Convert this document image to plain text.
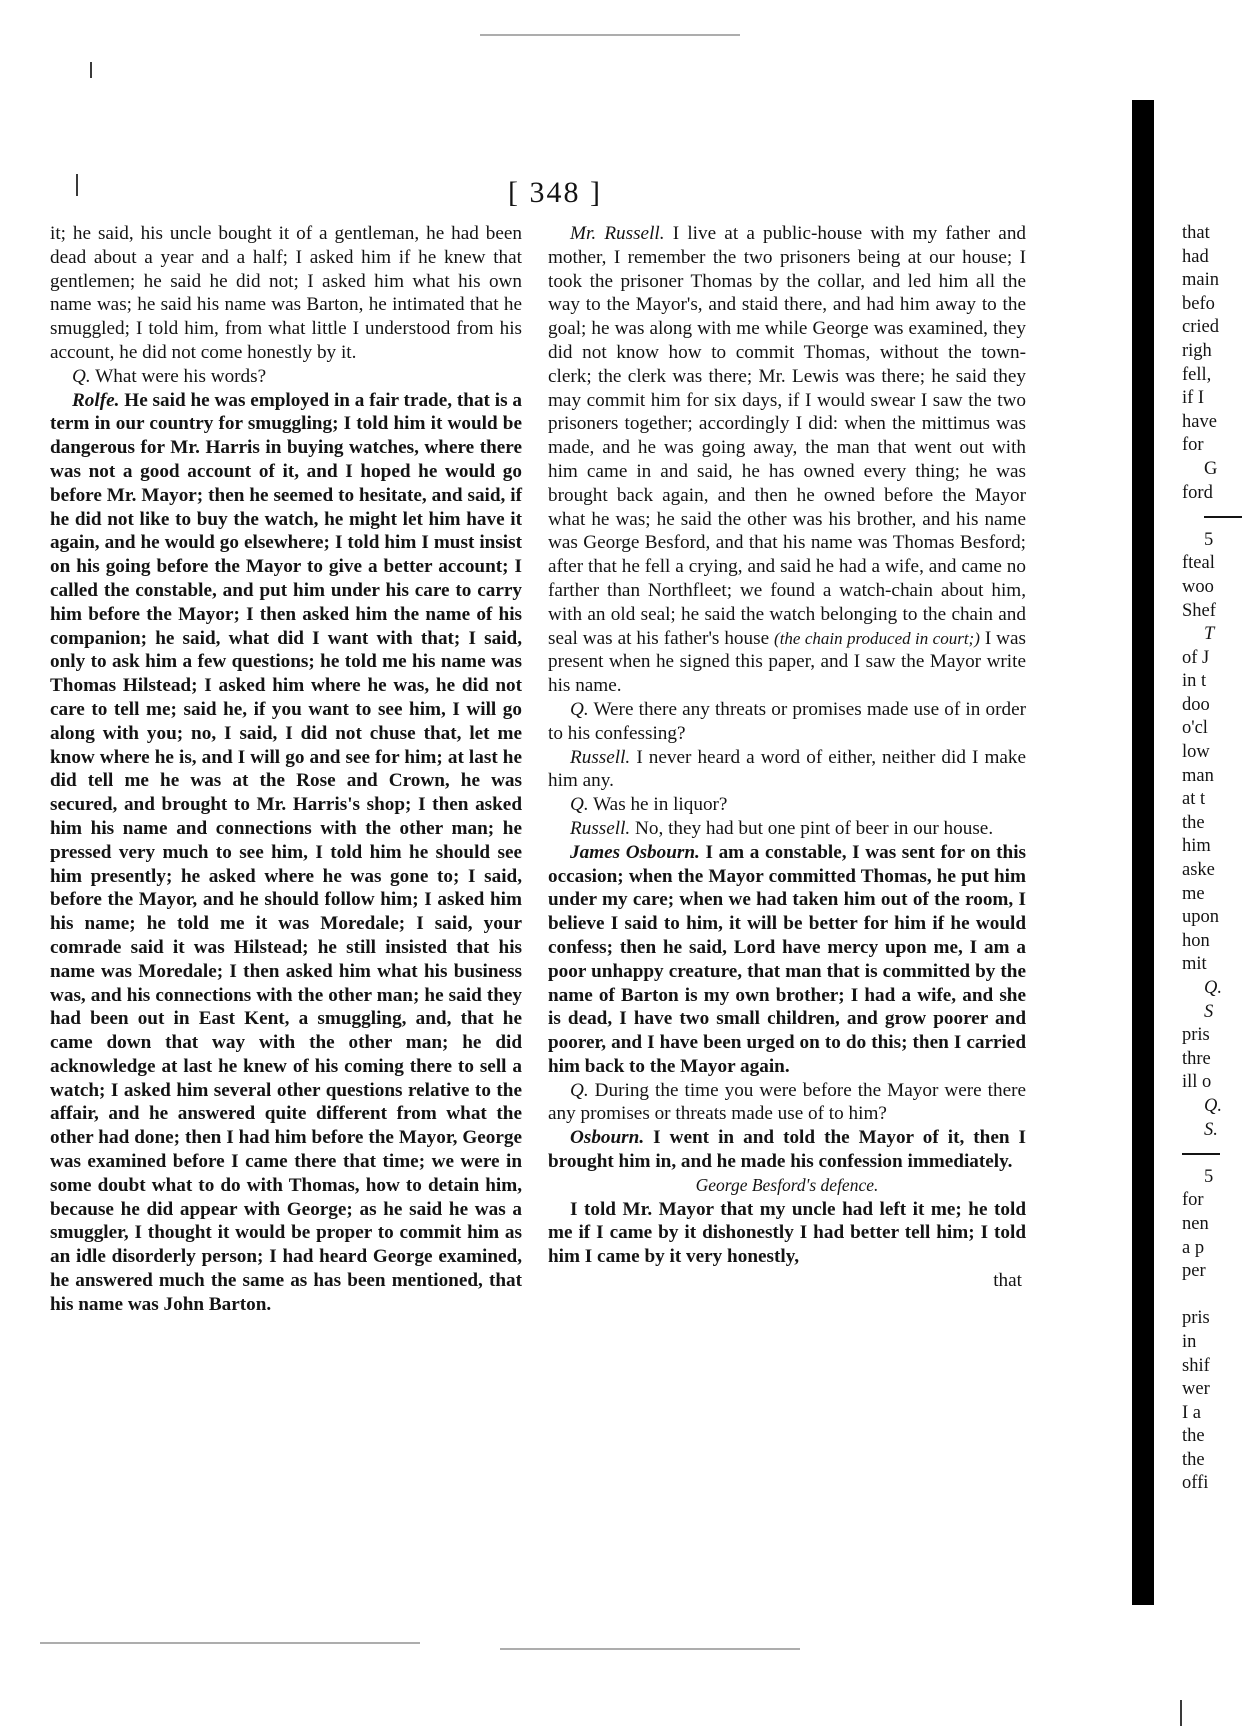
[ 348 ]

it; he said, his uncle bought it of a gentleman, he had been dead about a year and a half; I asked him if he knew that gentlemen; he said he did not; I asked him what his own name was; he said his name was Barton, he intimated that he smuggled; I told him, from what little I understood from his account, he did not come honestly by it.

Q. What were his words?

Rolfe. He said he was employed in a fair trade, that is a term in our country for smuggling; I told him it would be dangerous for Mr. Harris in buying watches, where there was not a good account of it, and I hoped he would go before Mr. Mayor; then he seemed to hesitate, and said, if he did not like to buy the watch, he might let him have it again, and he would go elsewhere; I told him I must insist on his going before the Mayor to give a better account; I called the constable, and put him under his care to carry him before the Mayor; I then asked him the name of his companion; he said, what did I want with that; I said, only to ask him a few questions; he told me his name was Thomas Hilstead; I asked him where he was, he did not care to tell me; said he, if you want to see him, I will go along with you; no, I said, I did not chuse that, let me know where he is, and I will go and see for him; at last he did tell me he was at the Rose and Crown, he was secured, and brought to Mr. Harris's shop; I then asked him his name and connections with the other man; he pressed very much to see him, I told him he should see him presently; he asked where he was gone to; I said, before the Mayor, and he should follow him; I asked him his name; he told me it was Moredale; I said, your comrade said it was Hilstead; he still insisted that his name was Moredale; I then asked him what his business was, and his connections with the other man; he said they had been out in East Kent, a smuggling, and, that he came down that way with the other man; he did acknowledge at last he knew of his coming there to sell a watch; I asked him several other questions relative to the affair, and he answered quite different from what the other had done; then I had him before the Mayor, George was examined before I came there that time; we were in some doubt what to do with Thomas, how to detain him, because he did appear with George; as he said he was a smuggler, I thought it would be proper to commit him as an idle disorderly person; I had heard George examined, he answered much the same as has been mentioned, that his name was John Barton.

Mr. Russell. I live at a public-house with my father and mother, I remember the two prisoners being at our house; I took the prisoner Thomas by the collar, and led him all the way to the Mayor's, and staid there, and had him away to the goal; he was along with me while George was examined, they did not know how to commit Thomas, without the town-clerk; the clerk was there; Mr. Lewis was there; he said they may commit him for six days, if I would swear I saw the two prisoners together; accordingly I did: when the mittimus was made, and he was going away, the man that went out with him came in and said, he has owned every thing; he was brought back again, and then he owned before the Mayor what he was; he said the other was his brother, and his name was George Besford, and that his name was Thomas Besford; after that he fell a crying, and said he had a wife, and came no farther than Northfleet; we found a watch-chain about him, with an old seal; he said the watch belonging to the chain and seal was at his father's house (the chain produced in court;) I was present when he signed this paper, and I saw the Mayor write his name.

Q. Were there any threats or promises made use of in order to his confessing?

Russell. I never heard a word of either, neither did I make him any.

Q. Was he in liquor?

Russell. No, they had but one pint of beer in our house.

James Osbourn. I am a constable, I was sent for on this occasion; when the Mayor committed Thomas, he put him under my care; when we had taken him out of the room, I believe I said to him, it will be better for him if he would confess; then he said, Lord have mercy upon me, I am a poor unhappy creature, that man that is committed by the name of Barton is my own brother; I had a wife, and she is dead, I have two small children, and grow poorer and poorer, and I have been urged on to do this; then I carried him back to the Mayor again.

Q. During the time you were before the Mayor were there any promises or threats made use of to him?

Osbourn. I went in and told the Mayor of it, then I brought him in, and he made his confession immediately.

George Besford's defence.

I told Mr. Mayor that my uncle had left it me; he told me if I came by it dishonestly I had better tell him; I told him I came by it very honestly,

that

that
had
main
befo
cried
righ
fell,
if I
have
for
G
ford
5
fteal
woo
Shef
T
of J
in t
doo
o'cl
low
man
at t
the
him
aske
me
upon
hon
mit
Q.
S
pris
thre
ill o
Q.
S.
5
for
nen
a p
per
pris
in
shif
wer
I a
the
the
offi
